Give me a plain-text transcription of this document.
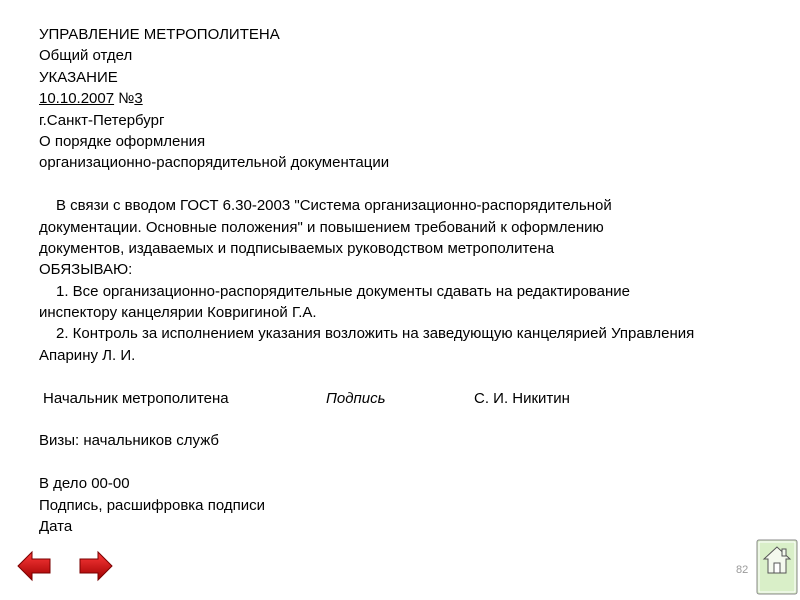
УПРАВЛЕНИЕ МЕТРОПОЛИТЕНА
Общий отдел
УКАЗАНИЕ
10.10.2007 №3
г.Санкт-Петербург
О порядке оформления
организационно-распорядительной документации
В связи с вводом ГОСТ 6.30-2003 "Система организационно-распорядительной
документации. Основные положения" и повышением требований к оформлению
документов, издаваемых и подписываемых руководством метрополитена
ОБЯЗЫВАЮ:
1. Все организационно-распорядительные документы сдавать на редактирование
инспектору канцелярии Ковригиной Г.А.
2. Контроль за исполнением указания возложить на заведующую канцелярией Управления
Апарину Л. И.
Начальник метрополитена	Подпись	С. И. Никитин
Визы: начальников служб
В дело 00-00
Подпись, расшифровка подписи
Дата
82
